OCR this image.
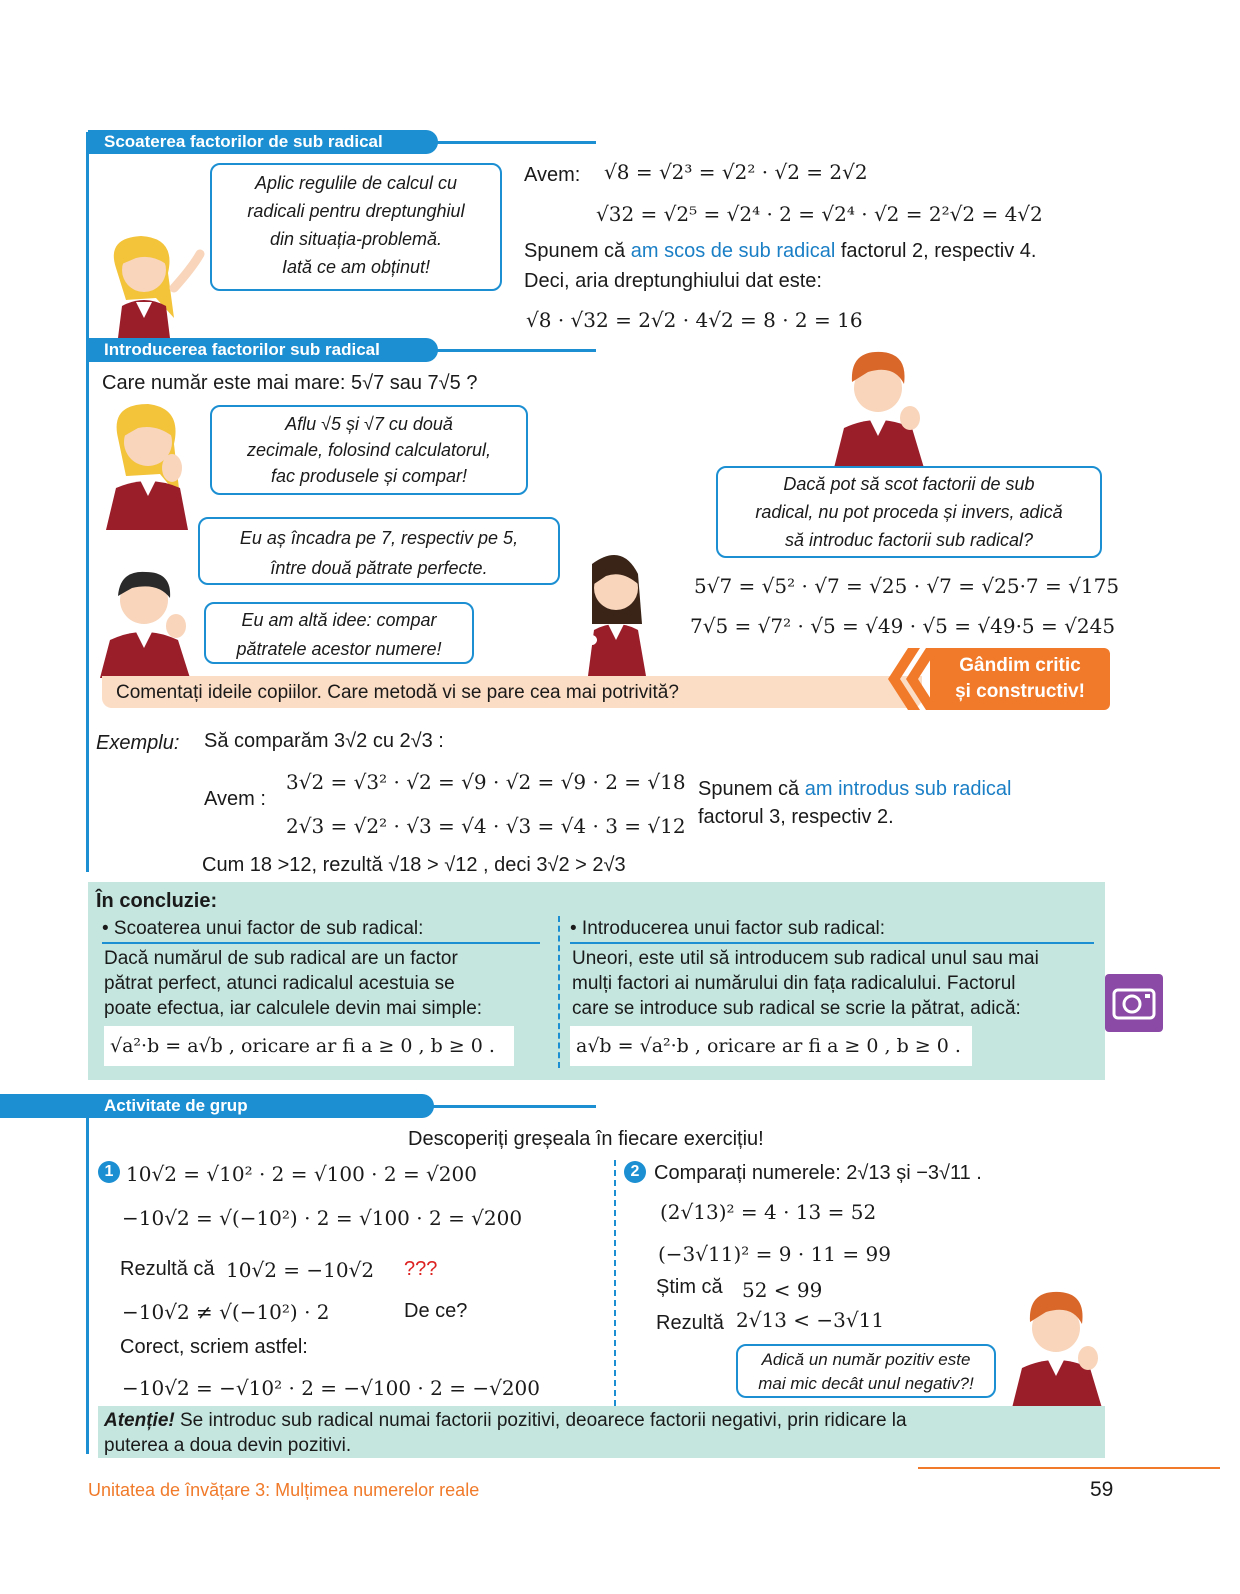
Scoaterea factorilor de sub radical
Aplic regulile de calcul cu
radicali pentru dreptunghiul
din situația-problemă.
Iată ce am obținut!
Avem: √8 = √2³ = √2² · √2 = 2√2
√32 = √2⁵ = √2⁴ · 2 = √2⁴ · √2 = 2²√2 = 4√2
Spunem că am scos de sub radical factorul 2, respectiv 4.
Deci, aria dreptunghiului dat este:
√8 · √32 = 2√2 · 4√2 = 8 · 2 = 16
Introducerea factorilor sub radical
Care număr este mai mare: 5√7 sau 7√5 ?
Aflu √5 și √7 cu două
zecimale, folosind calculatorul,
fac produsele și compar!
Eu aș încadra pe 7, respectiv pe 5,
între două pătrate perfecte.
Eu am altă idee: compar
pătratele acestor numere!
Dacă pot să scot factorii de sub
radical, nu pot proceda și invers, adică
să introduc factorii sub radical?
5√7 = √5² · √7 = √25 · √7 = √25·7 = √175
7√5 = √7² · √5 = √49 · √5 = √49·5 = √245
Comentați ideile copiilor. Care metodă vi se pare cea mai potrivită?
Gândim critic
și constructiv!
Exemplu: Să comparăm 3√2 cu 2√3 :
Avem :
3√2 = √3² · √2 = √9 · √2 = √9 · 2 = √18
2√3 = √2² · √3 = √4 · √3 = √4 · 3 = √12
Spunem că am introdus sub radical
factorul 3, respectiv 2.
Cum 18 >12, rezultă √18 > √12 , deci 3√2 > 2√3
În concluzie:
• Scoaterea unui factor de sub radical:
Dacă numărul de sub radical are un factor
pătrat perfect, atunci radicalul acestuia se
poate efectua, iar calculele devin mai simple:
√a²·b = a√b , oricare ar fi a ≥ 0 , b ≥ 0 .
• Introducerea unui factor sub radical:
Uneori, este util să introducem sub radical unul sau mai
mulți factori ai numărului din fața radicalului. Factorul
care se introduce sub radical se scrie la pătrat, adică:
a√b = √a²·b , oricare ar fi a ≥ 0 , b ≥ 0 .
Activitate de grup
Descoperiți greșeala în fiecare exercițiu!
1 10√2 = √10² · 2 = √100 · 2 = √200
−10√2 = √(−10²) · 2 = √100 · 2 = √200
Rezultă că 10√2 = −10√2 ???
−10√2 ≠ √(−10²) · 2	De ce?
Corect, scriem astfel:
−10√2 = −√10² · 2 = −√100 · 2 = −√200
2 Comparați numerele: 2√13 și −3√11 .
(2√13)² = 4 · 13 = 52
(−3√11)² = 9 · 11 = 99
Știm că 52 < 99
Rezultă 2√13 < −3√11
Adică un număr pozitiv este
mai mic decât unul negativ?!
Atenție! Se introduc sub radical numai factorii pozitivi, deoarece factorii negativi, prin ridicare la
puterea a doua devin pozitivi.
Unitatea de învățare 3: Mulțimea numerelor reale	59
